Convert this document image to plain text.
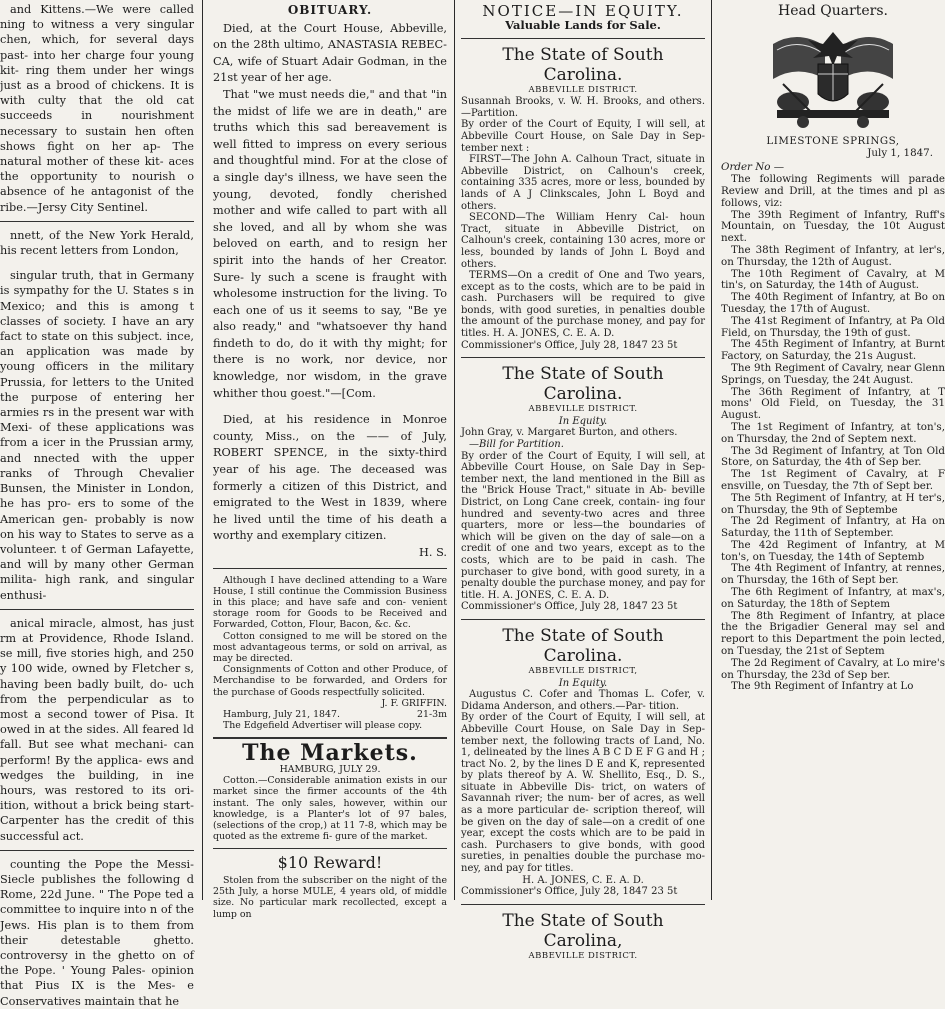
and Kittens.—We were called ning to witness a very singular chen, which, for several days past- into her charge four young kit- ring them under her wings just as a brood of chickens. It is with culty that the old cat succeeds in nourishment necessary to sustain hen often shows fight on her ap- The natural mother of these kit- aces the opportunity to nourish o absence of he antagonist of the ribe.—Jersy City Sentinel.

nnett, of the New York Herald, his recent letters from London,

singular truth, that in Germany is sympathy for the U. States s in Mexico; and this is among t classes of society. I have an ary fact to state on this subject. ince, an application was made by young officers in the military Prussia, for letters to the United the purpose of entering her armies rs in the present war with Mexi- of these applications was from a icer in the Prussian army, and nnected with the upper ranks of Through Chevalier Bunsen, the Minister in London, he has pro- ers to some of the American gen- probably is now on his way to States to serve as a volunteer. t of German Lafayette, and will by many other German milita- high rank, and singular enthusi-

anical miracle, almost, has just rm at Providence, Rhode Island. se mill, five stories high, and 250 y 100 wide, owned by Fletcher s, having been badly built, do- uch from the perpendicular as to most a second tower of Pisa. It owed in at the sides. All feared ld fall. But see what mechani- can perform! By the applica- ews and wedges the building, in ine hours, was restored to its ori- ition, without a brick being start- Carpenter has the credit of this successful act.

counting the Pope the Messi- Siecle publishes the following d Rome, 22d June. " The Pope ted a committee to inquire into n of the Jews. His plan is to them from their detestable ghetto. controversy in the ghetto on of the Pope. ' Young Pales- opinion that Pius IX is the Mes- e Conservatives maintain that he

OBITUARY.

Died, at the Court House, Abbeville, on the 28th ultimo, ANASTASIA REBEC- CA, wife of Stuart Adair Godman, in the 21st year of her age.

That "we must needs die," and that "in the midst of life we are in death," are truths which this sad bereavement is well fitted to impress on every serious and thoughtful mind. For at the close of a single day's illness, we have seen the young, devoted, fondly cherished mother and wife called to part with all she loved, and all by whom she was beloved on earth, and to resign her spirit into the hands of her Creator. Sure- ly such a scene is fraught with wholesome instruction for the living. To each one of us it seems to say, "Be ye also ready," and "whatsoever thy hand findeth to do, do it with thy might; for there is no work, nor device, nor knowledge, nor wisdom, in the grave whither thou goest."—[Com.

Died, at his residence in Monroe county, Miss., on the —— of July, ROBERT SPENCE, in the sixty-third year of his age. The deceased was formerly a citizen of this District, and emigrated to the West in 1839, where he lived until the time of his death a worthy and exemplary citizen.

H. S.

Although I have declined attending to a Ware House, I still continue the Commission Business in this place; and have safe and con- venient storage room for Goods to be Received and Forwarded, Cotton, Flour, Bacon, &c. &c.

Cotton consigned to me will be stored on the most advantageous terms, or sold on arrival, as may be directed.

Consignments of Cotton and other Produce, of Merchandise to be forwarded, and Orders for the purchase of Goods respectfully solicited.

J. F. GRIFFIN.
Hamburg, July 21, 1847.	21-3m

The Edgefield Advertiser will please copy.

The Markets.
HAMBURG, JULY 29.

Cotton.—Considerable animation exists in our market since the firmer accounts of the 4th instant. The only sales, however, within our knowledge, is a Planter's lot of 97 bales, (selections of the crop,) at 11 7-8, which may be quoted as the extreme fi- gure of the market.

$10 Reward!

Stolen from the subscriber on the night of the 25th July, a horse MULE, 4 years old, of middle size. No particular mark recollected, except a lump on

NOTICE—IN EQUITY.
Valuable Lands for Sale.
The State of South Carolina.
ABBEVILLE DISTRICT.

Susannah Brooks, v. W. H. Brooks, and others.—Partition.

By order of the Court of Equity, I will sell, at Abbeville Court House, on Sale Day in Sep- tember next :

FIRST—The John A. Calhoun Tract, situate in Abbeville District, on Calhoun's creek, containing 335 acres, more or less, bounded by lands of A J Clinkscales, John L Boyd and others.

SECOND—The William Henry Cal- houn Tract, situate in Abbeville District, on Calhoun's creek, containing 130 acres, more or less, bounded by lands of John L Boyd and others.

TERMS—On a credit of One and Two years, except as to the costs, which are to be paid in cash. Purchasers will be required to give bonds, with good sureties, in penalties double the amount of the purchase money, and pay for titles. H. A. JONES, C. E. A. D.

Commissioner's Office, July 28, 1847 23 5t

The State of South Carolina.
ABBEVILLE DISTRICT.
In Equity.

John Gray, v. Margaret Burton, and others.

—Bill for Partition.

By order of the Court of Equity, I will sell, at Abbeville Court House, on Sale Day in Sep- tember next, the land mentioned in the Bill as the "Brick House Tract," situate in Ab- beville District, on Long Cane creek, contain- ing four hundred and seventy-two acres and three quarters, more or less—the boundaries of which will be given on the day of sale—on a credit of one and two years, except as to the costs, which are to be paid in cash. The purchaser to give bond, with good surety, in a penalty double the purchase money, and pay for title. H. A. JONES, C. E. A. D.

Commissioner's Office, July 28, 1847 23 5t

The State of South Carolina.
ABBEVILLE DISTRICT,
In Equity.

Augustus C. Cofer and Thomas L. Cofer, v. Didama Anderson, and others.—Par- tition.

By order of the Court of Equity, I will sell, at Abbeville Court House, on Sale Day in Sep- tember next, the following tracts of Land, No. 1, delineated by the lines A B C D E F G and H ; tract No. 2, by the lines D E and K, represented by plats thereof by A. W. Shellito, Esq., D. S., situate in Abbeville Dis- trict, on waters of Savannah river; the num- ber of acres, as well as a more particular de- scription thereof, will be given on the day of sale—on a credit of one year, except the costs which are to be paid in cash. Purchasers to give bonds, with good sureties, in penalties double the purchase mo-ney, and pay for titles.

H. A. JONES, C. E. A. D.

Commissioner's Office, July 28, 1847 23 5t

The State of South Carolina,
ABBEVILLE DISTRICT.
Head Quarters.
LIMESTONE SPRINGS,
July 1, 1847.
Order No —

The following Regiments will parade Review and Drill, at the times and pl as follows, viz:

The 39th Regiment of Infantry, Ruff's Mountain, on Tuesday, the 10t August next.

The 38th Regiment of Infantry, at ler's, on Thursday, the 12th of August.

The 10th Regiment of Cavalry, at M tin's, on Saturday, the 14th of August.

The 40th Regiment of Infantry, at Bo on Tuesday, the 17th of August.

The 41st Regiment of Infantry, at Pa Old Field, on Thursday, the 19th of gust.

The 45th Regiment of Infantry, at Burnt Factory, on Saturday, the 21s August.

The 9th Regiment of Cavalry, near Glenn Springs, on Tuesday, the 24t August.

The 36th Regiment of Infantry, at T mons' Old Field, on Tuesday, the 31 August.

The 1st Regiment of Infantry, at ton's, on Thursday, the 2nd of Septem next.

The 3d Regiment of Infantry, at Ton Old Store, on Saturday, the 4th of Sep ber.

The 1st Regiment of Cavalry, at F ensville, on Tuesday, the 7th of Sept ber.

The 5th Regiment of Infantry, at H ter's, on Thursday, the 9th of Septembe

The 2d Regiment of Infantry, at Ha on Saturday, the 11th of September.

The 42d Regiment of Infantry, at M ton's, on Tuesday, the 14th of Septemb

The 4th Regiment of Infantry, at rennes, on Thursday, the 16th of Sept ber.

The 6th Regiment of Infantry, at max's, on Saturday, the 18th of Septem

The 8th Regiment of Infantry, at place the the Brigadier General may sel and report to this Department the poin lected, on Tuesday, the 21st of Septem

The 2d Regiment of Cavalry, at Lo mire's on Thursday, the 23d of Sep ber.

The 9th Regiment of Infantry at Lo
